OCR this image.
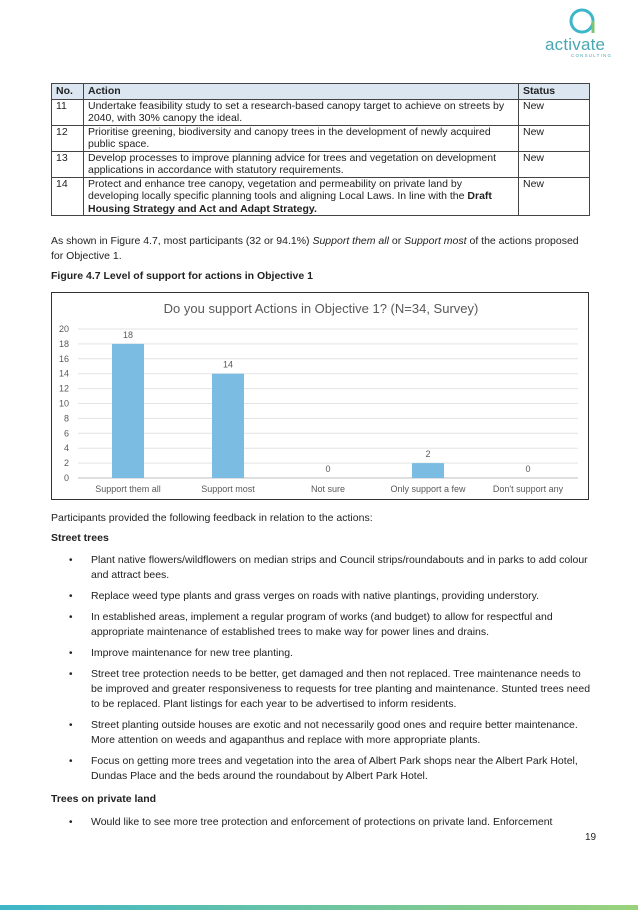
activate
CONSULTING
No.	Action	Status
11	Undertake feasibility study to set a research-based canopy target to achieve on streets by 2040, with 30% canopy the ideal.	New
12	Prioritise greening, biodiversity and canopy trees in the development of newly acquired public space.	New
13	Develop processes to improve planning advice for trees and vegetation on development applications in accordance with statutory requirements.	New
14	Protect and enhance tree canopy, vegetation and permeability on private land by developing locally specific planning tools and aligning Local Laws. In line with the Draft Housing Strategy and Act and Adapt Strategy.	New
As shown in Figure 4.7, most participants (32 or 94.1%) Support them all or Support most of the actions proposed for Objective 1.
Figure 4.7 Level of support for actions in Objective 1
Do you support Actions in Objective 1? (N=34, Survey)
0
2
4
6
8
10
12
14
16
18
20
18
Support them all
14
Support most
0
Not sure
2
Only support a few
0
Don't support any
Participants provided the following feedback in relation to the actions:
Street trees
• Plant native flowers/wildflowers on median strips and Council strips/roundabouts and in parks to add colour and attract bees.
• Replace weed type plants and grass verges on roads with native plantings, providing understory.
• In established areas, implement a regular program of works (and budget) to allow for respectful and appropriate maintenance of established trees to make way for power lines and drains.
• Improve maintenance for new tree planting.
• Street tree protection needs to be better, get damaged and then not replaced. Tree maintenance needs to be improved and greater responsiveness to requests for tree planting and maintenance. Stunted trees need to be replaced. Plant listings for each year to be advertised to inform residents.
• Street planting outside houses are exotic and not necessarily good ones and require better maintenance. More attention on weeds and agapanthus and replace with more appropriate plants.
• Focus on getting more trees and vegetation into the area of Albert Park shops near the Albert Park Hotel, Dundas Place and the beds around the roundabout by Albert Park Hotel.
Trees on private land
• Would like to see more tree protection and enforcement of protections on private land. Enforcement
19
